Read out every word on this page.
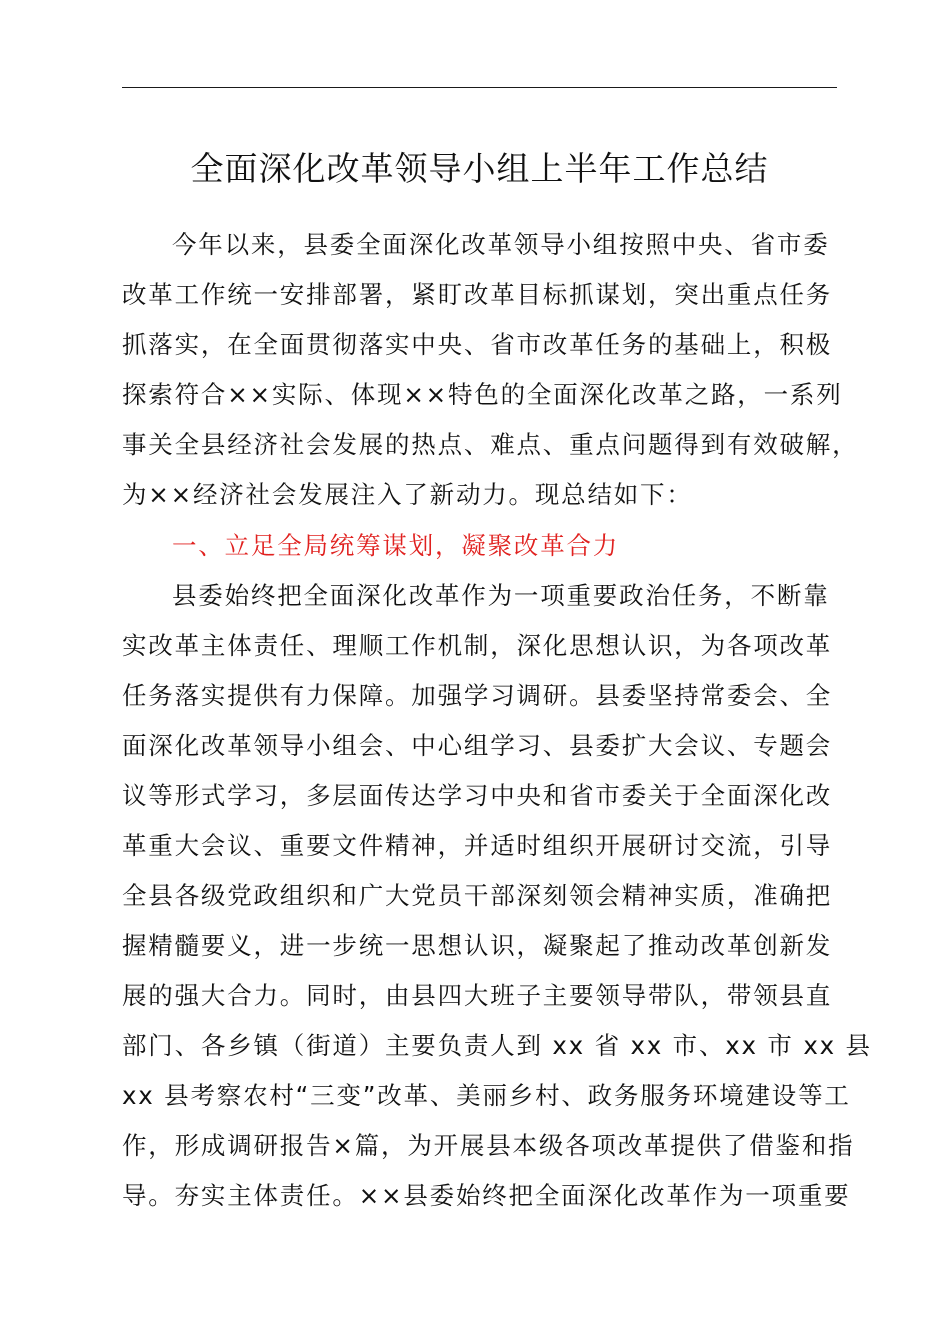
全面深化改革领导小组上半年工作总结
今年以来，县委全面深化改革领导小组按照中央、省市委
改革工作统一安排部署，紧盯改革目标抓谋划，突出重点任务
抓落实，在全面贯彻落实中央、省市改革任务的基础上，积极
探索符合××实际、体现××特色的全面深化改革之路，一系列
事关全县经济社会发展的热点、难点、重点问题得到有效破解，
为××经济社会发展注入了新动力。现总结如下：
一、立足全局统筹谋划，凝聚改革合力
县委始终把全面深化改革作为一项重要政治任务，不断靠
实改革主体责任、理顺工作机制，深化思想认识，为各项改革
任务落实提供有力保障。加强学习调研。县委坚持常委会、全
面深化改革领导小组会、中心组学习、县委扩大会议、专题会
议等形式学习，多层面传达学习中央和省市委关于全面深化改
革重大会议、重要文件精神，并适时组织开展研讨交流，引导
全县各级党政组织和广大党员干部深刻领会精神实质，准确把
握精髓要义，进一步统一思想认识，凝聚起了推动改革创新发
展的强大合力。同时，由县四大班子主要领导带队，带领县直
部门、各乡镇（街道）主要负责人到 xx 省 xx 市、xx 市 xx 县
xx 县考察农村“三变”改革、美丽乡村、政务服务环境建设等工
作，形成调研报告×篇，为开展县本级各项改革提供了借鉴和指
导。夯实主体责任。××县委始终把全面深化改革作为一项重要
